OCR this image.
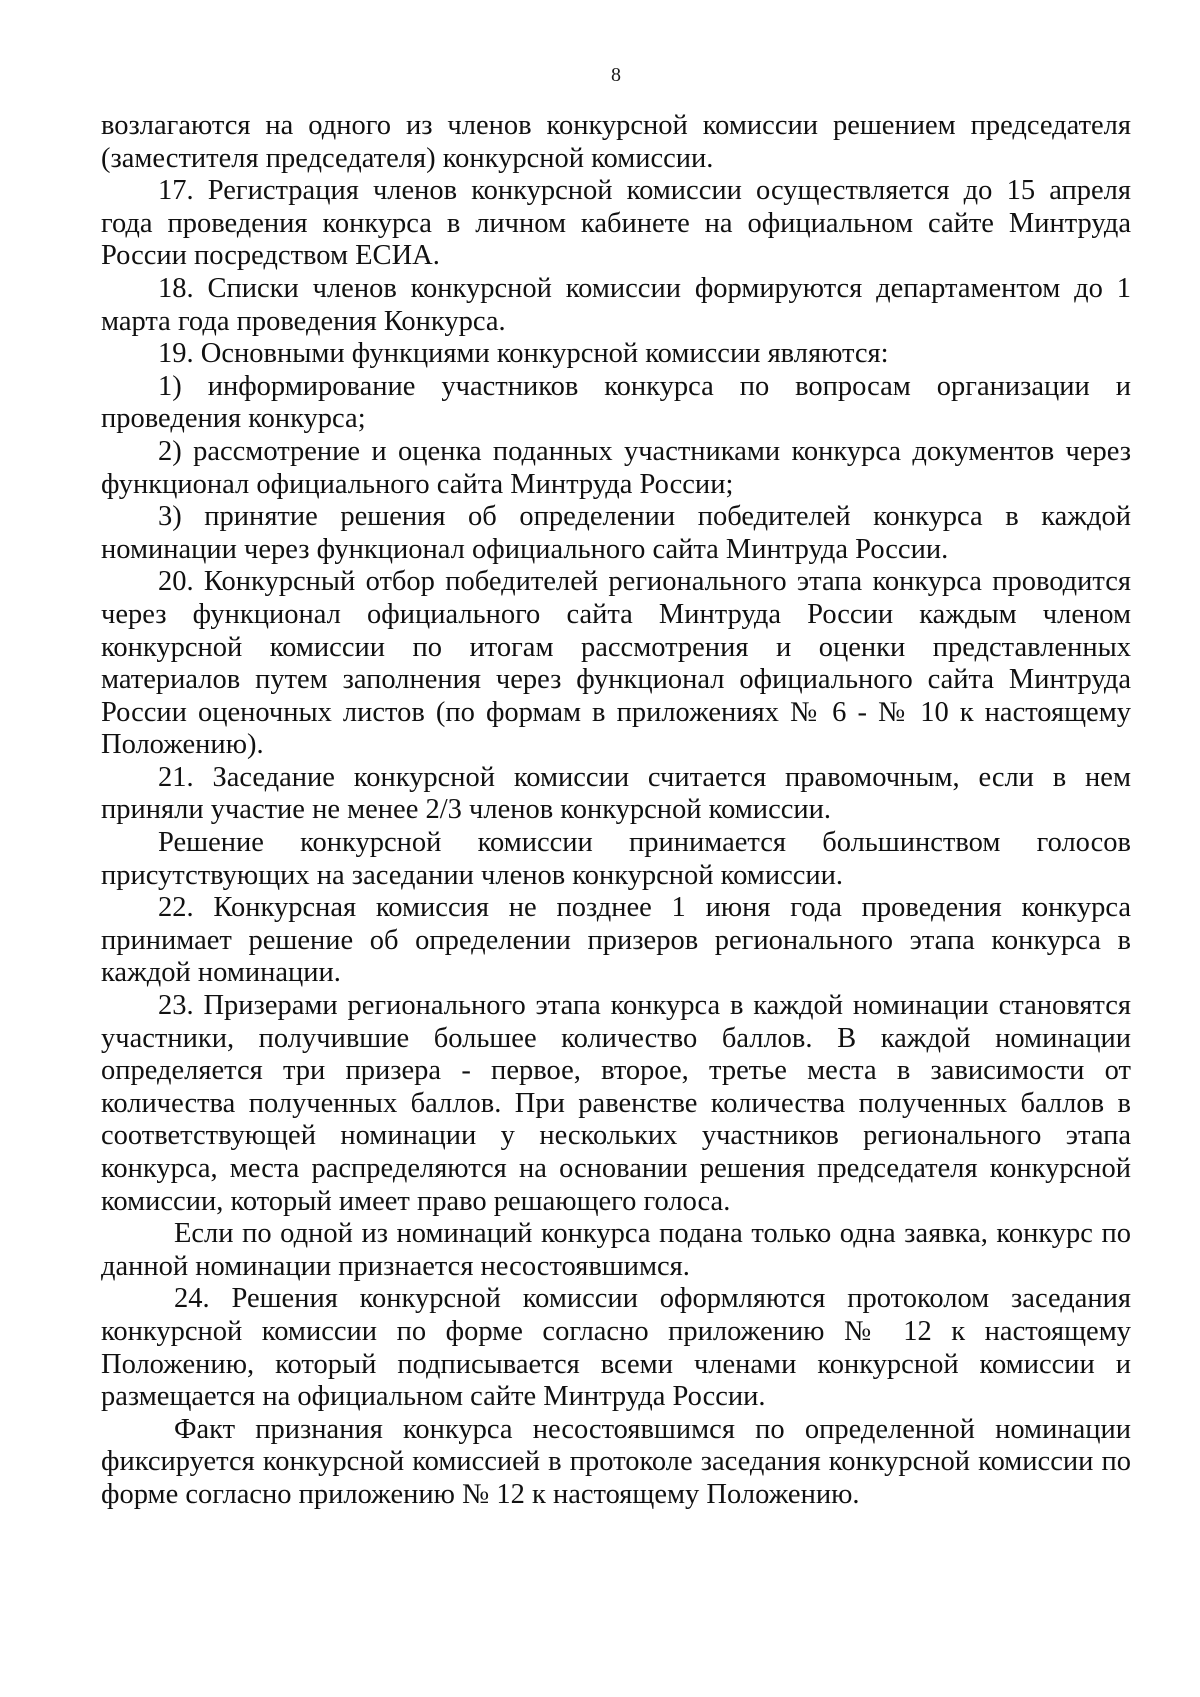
8

возлагаются на одного из членов конкурсной комиссии решением председателя (заместителя председателя) конкурсной комиссии.

17. Регистрация членов конкурсной комиссии осуществляется до 15 апреля года проведения конкурса в личном кабинете на официальном сайте Минтруда России посредством ЕСИА.

18. Списки членов конкурсной комиссии формируются департаментом до 1 марта года проведения Конкурса.

19. Основными функциями конкурсной комиссии являются:

1) информирование участников конкурса по вопросам организации и проведения конкурса;

2) рассмотрение и оценка поданных участниками конкурса документов через функционал официального сайта Минтруда России;

3) принятие решения об определении победителей конкурса в каждой номинации через функционал официального сайта Минтруда России.

20. Конкурсный отбор победителей регионального этапа конкурса проводится через функционал официального сайта Минтруда России каждым членом конкурсной комиссии по итогам рассмотрения и оценки представленных материалов путем заполнения через функционал официального сайта Минтруда России оценочных листов (по формам в приложениях № 6 - № 10 к настоящему Положению).

21. Заседание конкурсной комиссии считается правомочным, если в нем приняли участие не менее 2/3 членов конкурсной комиссии.

Решение конкурсной комиссии принимается большинством голосов присутствующих на заседании членов конкурсной комиссии.

22. Конкурсная комиссия не позднее 1 июня года проведения конкурса принимает решение об определении призеров регионального этапа конкурса в каждой номинации.

23. Призерами регионального этапа конкурса в каждой номинации становятся участники, получившие большее количество баллов. В каждой номинации определяется три призера - первое, второе, третье места в зависимости от количества полученных баллов. При равенстве количества полученных баллов в соответствующей номинации у нескольких участников регионального этапа конкурса, места распределяются на основании решения председателя конкурсной комиссии, который имеет право решающего голоса.

Если по одной из номинаций конкурса подана только одна заявка, конкурс по данной номинации признается несостоявшимся.

24. Решения конкурсной комиссии оформляются протоколом заседания конкурсной комиссии по форме согласно приложению № 12 к настоящему Положению, который подписывается всеми членами конкурсной комиссии и размещается на официальном сайте Минтруда России.

Факт признания конкурса несостоявшимся по определенной номинации фиксируется конкурсной комиссией в протоколе заседания конкурсной комиссии по форме согласно приложению № 12 к настоящему Положению.
